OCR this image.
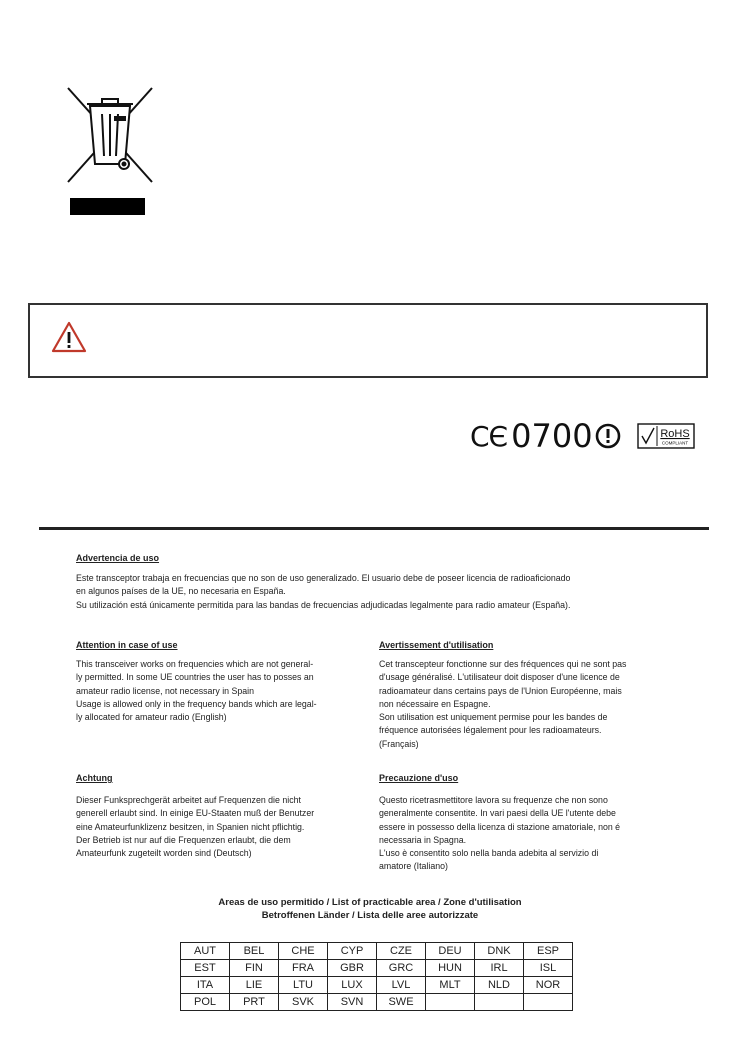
CЄ 0700	RoHS
COMPLIANT
Advertencia de uso
Este transceptor trabaja en frecuencias que no son de uso generalizado. El usuario debe de poseer licencia de radioaficionado
en algunos países de la UE, no necesaria en España.
Su utilización está únicamente permitida para las bandas de frecuencias adjudicadas legalmente para radio amateur (España).
Attention in case of use
This transceiver works on frequencies which are not general-
ly permitted. In some UE countries the user has to posses an
amateur radio license, not necessary in Spain
Usage is allowed only in the frequency bands which are legal-
ly allocated for amateur radio (English)
Avertissement d'utilisation
Cet transcepteur fonctionne sur des fréquences qui ne sont pas
d'usage généralisé. L'utilisateur doit disposer d'une licence de
radioamateur dans certains pays de l'Union Européenne, mais
non nécessaire en Espagne.
Son utilisation est uniquement permise pour les bandes de
fréquence autorisées légalement pour les radioamateurs.
(Français)
Achtung
Dieser Funksprechgerät arbeitet auf Frequenzen die nicht
generell erlaubt sind. In einige EU-Staaten muß der Benutzer
eine Amateurfunklizenz besitzen, in Spanien nicht pflichtig.
Der Betrieb ist nur auf die Frequenzen erlaubt, die dem
Amateurfunk zugeteilt worden sind (Deutsch)
Precauzione d'uso
Questo ricetrasmettitore lavora su frequenze che non sono
generalmente consentite. In vari paesi della UE l'utente debe
essere in possesso della licenza di stazione amatoriale, non é
necessaria in Spagna.
L'uso è consentito solo nella banda adebita al servizio di
amatore (Italiano)
Areas de uso permitido / List of practicable area / Zone d'utilisation
Betroffenen Länder / Lista delle aree autorizzate
AUT	BEL	CHE	CYP	CZE	DEU	DNK	ESP
EST	FIN	FRA	GBR	GRC	HUN	IRL	ISL
ITA	LIE	LTU	LUX	LVL	MLT	NLD	NOR
POL	PRT	SVK	SVN	SWE			
